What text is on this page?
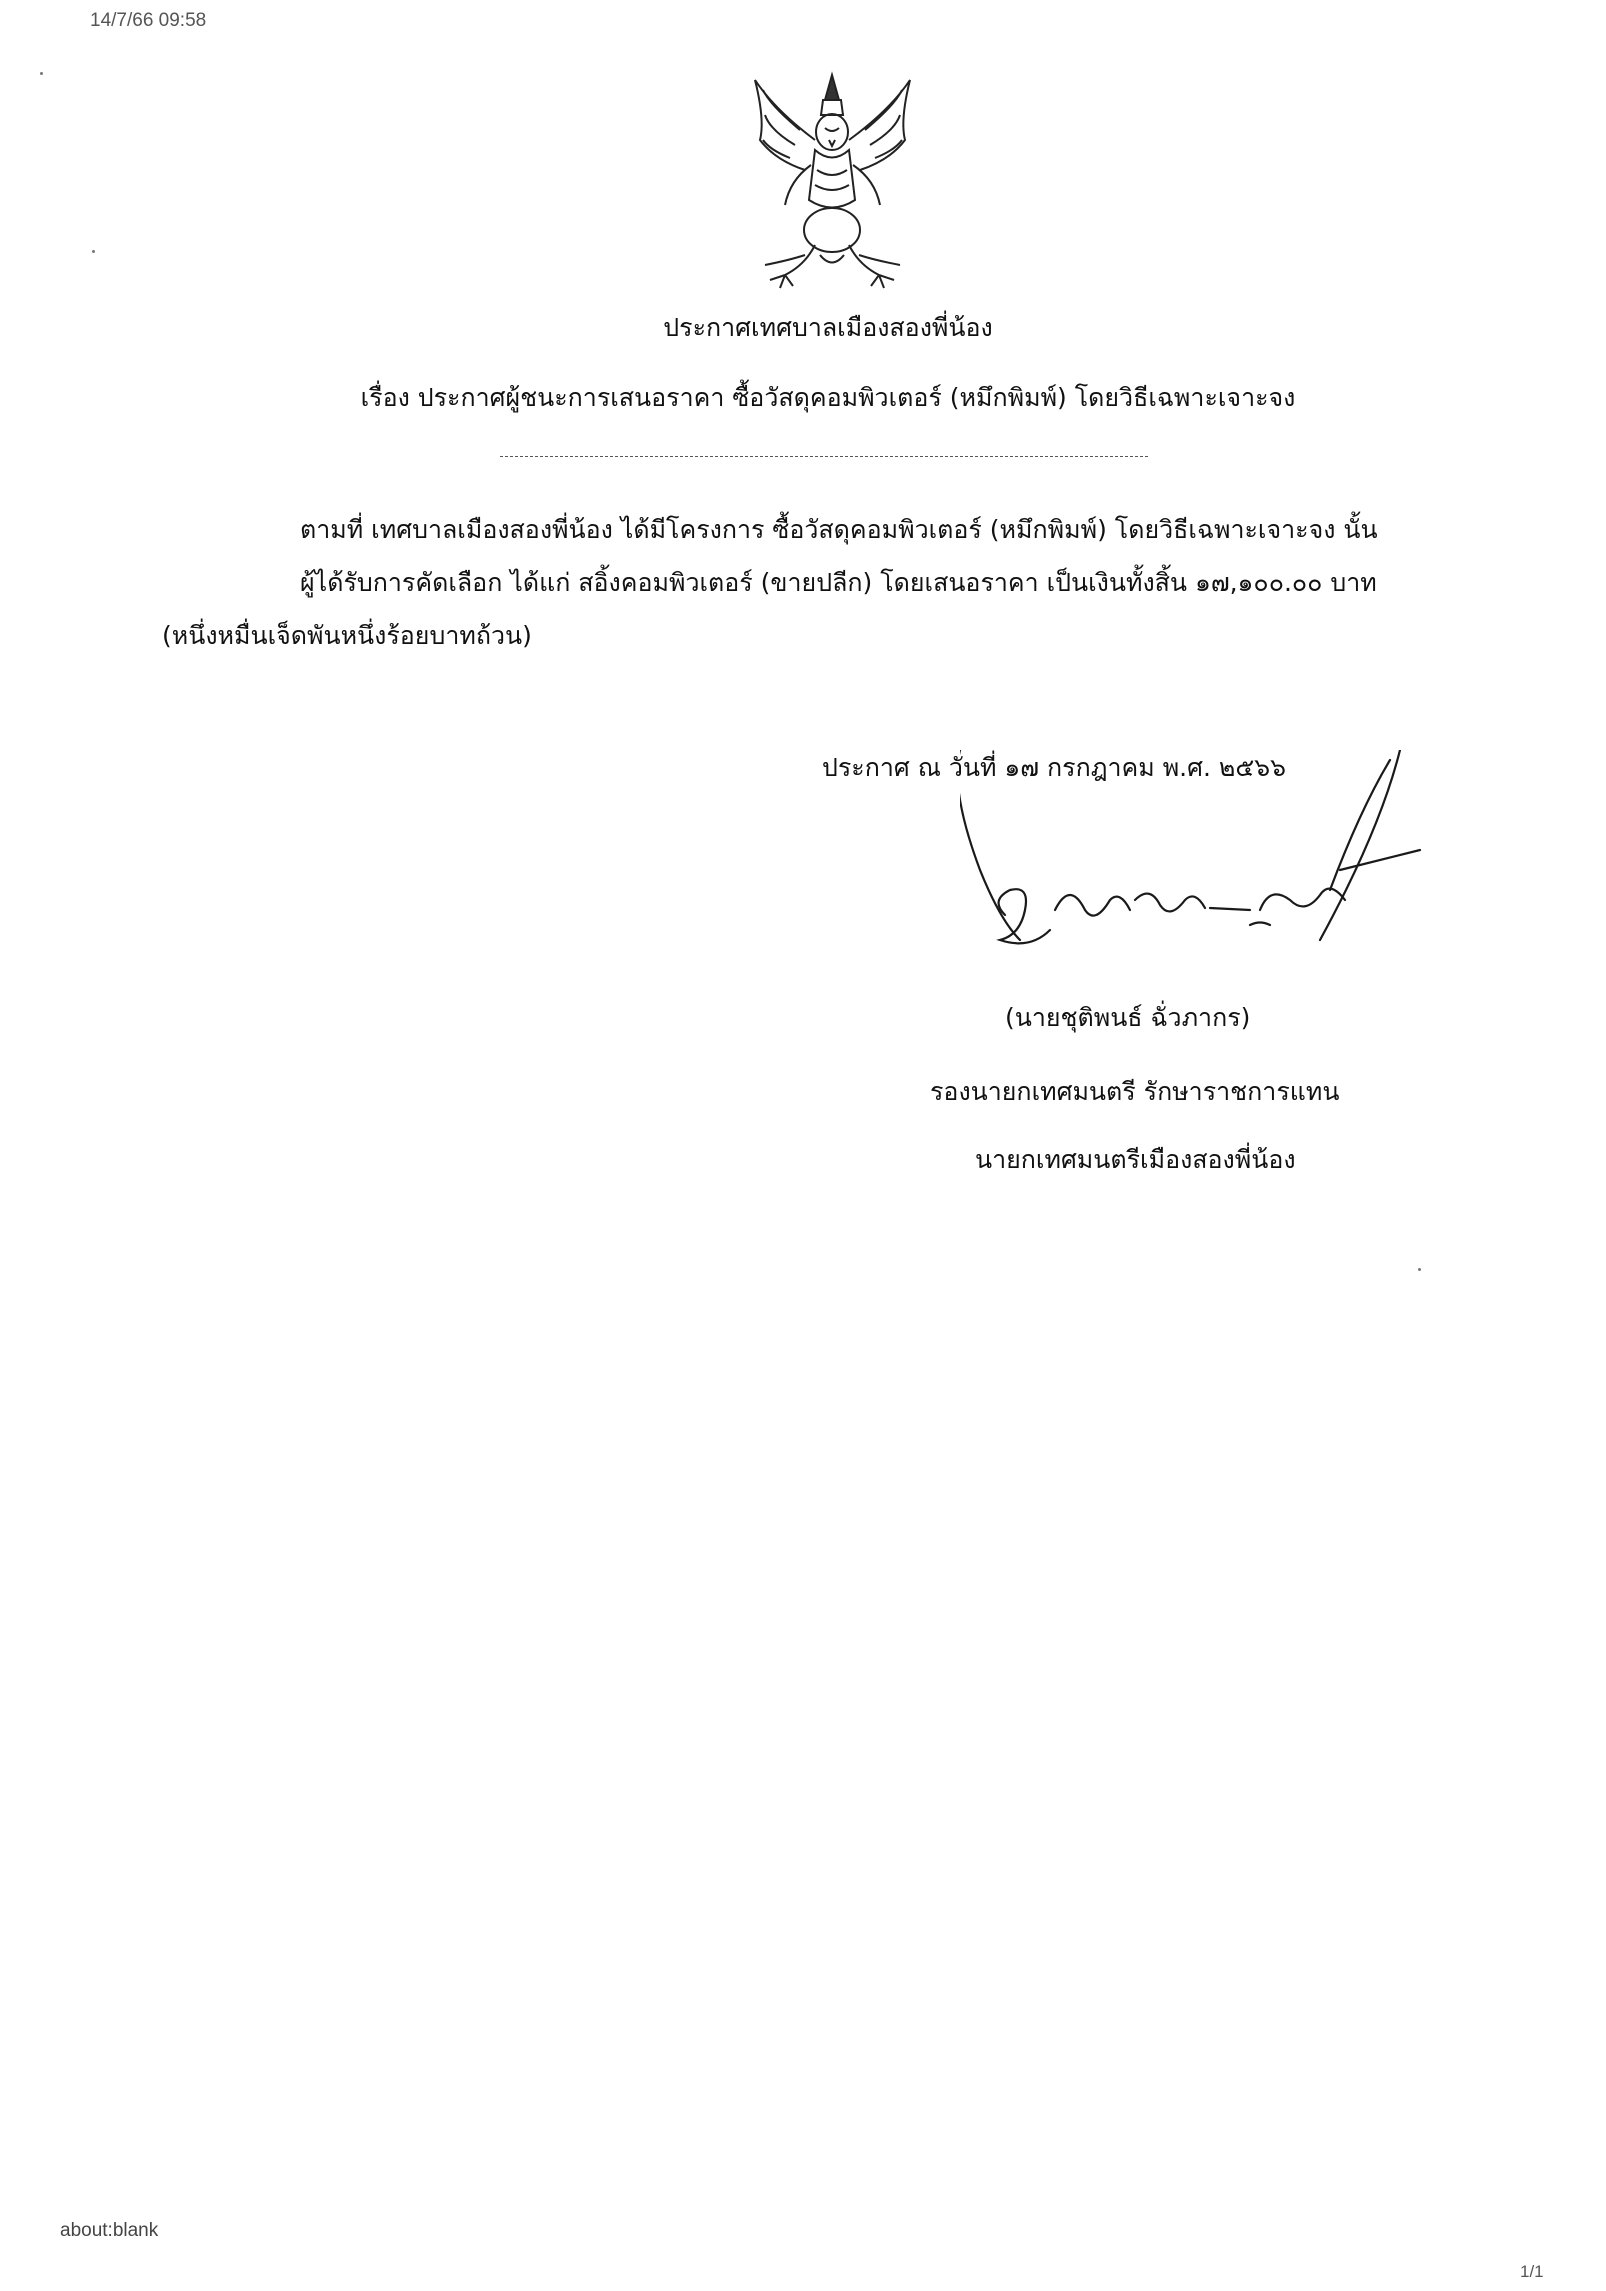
14/7/66 09:58
ประกาศเทศบาลเมืองสองพี่น้อง
เรื่อง ประกาศผู้ชนะการเสนอราคา ซื้อวัสดุคอมพิวเตอร์ (หมึกพิมพ์) โดยวิธีเฉพาะเจาะจง
ตามที่ เทศบาลเมืองสองพี่น้อง ได้มีโครงการ ซื้อวัสดุคอมพิวเตอร์ (หมึกพิมพ์) โดยวิธีเฉพาะเจาะจง นั้น
ผู้ได้รับการคัดเลือก ได้แก่ สอิ้งคอมพิวเตอร์ (ขายปลีก) โดยเสนอราคา เป็นเงินทั้งสิ้น ๑๗,๑๐๐.๐๐ บาท
(หนึ่งหมื่นเจ็ดพันหนึ่งร้อยบาทถ้วน)
ประกาศ ณ วันที่ ๑๗ กรกฎาคม พ.ศ. ๒๕๖๖
(นายชุติพนธ์ ฉั่วภากร)
รองนายกเทศมนตรี รักษาราชการแทน
นายกเทศมนตรีเมืองสองพี่น้อง
about:blank
1/1
